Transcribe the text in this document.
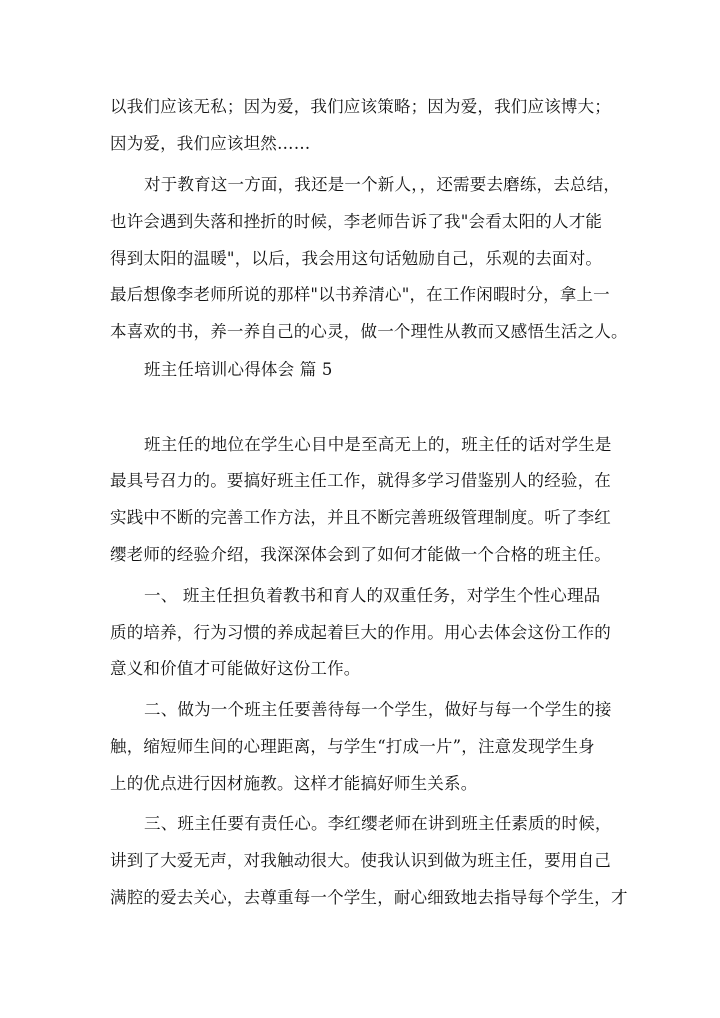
以我们应该无私；因为爱，我们应该策略；因为爱，我们应该博大；
因为爱，我们应该坦然……
对于教育这一方面，我还是一个新人，，还需要去磨练，去总结，
也许会遇到失落和挫折的时候，李老师告诉了我"会看太阳的人才能
得到太阳的温暖"，以后，我会用这句话勉励自己，乐观的去面对。
最后想像李老师所说的那样"以书养清心"，在工作闲暇时分，拿上一
本喜欢的书，养一养自己的心灵，做一个理性从教而又感悟生活之人。
班主任培训心得体会 篇 5
班主任的地位在学生心目中是至高无上的，班主任的话对学生是
最具号召力的。要搞好班主任工作，就得多学习借鉴别人的经验，在
实践中不断的完善工作方法，并且不断完善班级管理制度。听了李红
缨老师的经验介绍，我深深体会到了如何才能做一个合格的班主任。
一、 班主任担负着教书和育人的双重任务，对学生个性心理品
质的培养，行为习惯的养成起着巨大的作用。用心去体会这份工作的
意义和价值才可能做好这份工作。
二、做为一个班主任要善待每一个学生，做好与每一个学生的接
触，缩短师生间的心理距离，与学生“打成一片”，注意发现学生身
上的优点进行因材施教。这样才能搞好师生关系。
三、班主任要有责任心。李红缨老师在讲到班主任素质的时候，
讲到了大爱无声，对我触动很大。使我认识到做为班主任，要用自己
满腔的爱去关心，去尊重每一个学生，耐心细致地去指导每个学生，才
